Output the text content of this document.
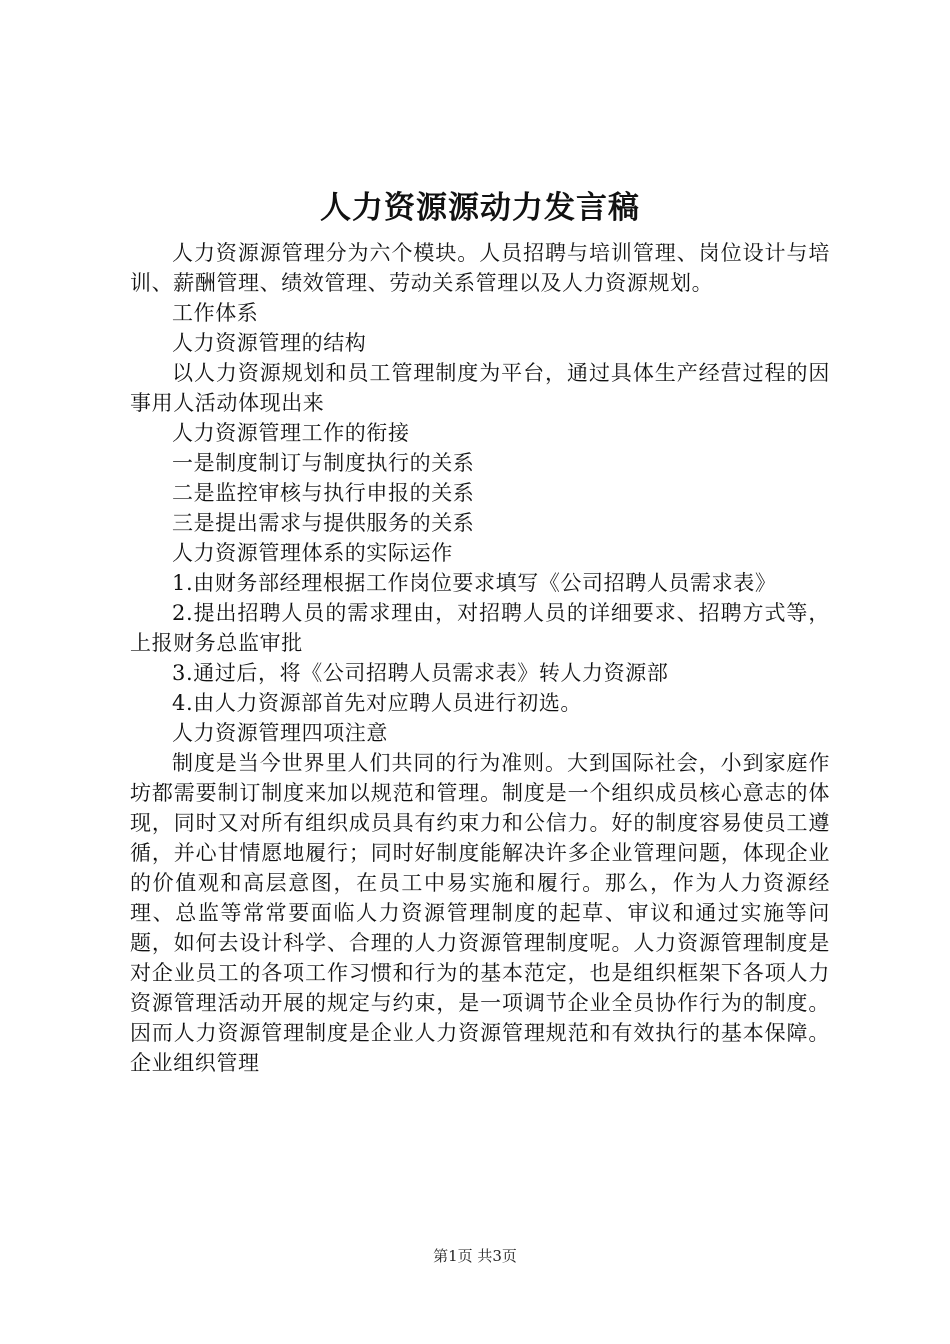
人力资源源动力发言稿

人力资源源管理分为六个模块。人员招聘与培训管理、岗位设计与培训、薪酬管理、绩效管理、劳动关系管理以及人力资源规划。

工作体系

人力资源管理的结构

以人力资源规划和员工管理制度为平台，通过具体生产经营过程的因事用人活动体现出来

人力资源管理工作的衔接

一是制度制订与制度执行的关系

二是监控审核与执行申报的关系

三是提出需求与提供服务的关系

人力资源管理体系的实际运作

1.由财务部经理根据工作岗位要求填写《公司招聘人员需求表》

2.提出招聘人员的需求理由，对招聘人员的详细要求、招聘方式等，上报财务总监审批

3.通过后，将《公司招聘人员需求表》转人力资源部

4.由人力资源部首先对应聘人员进行初选。

人力资源管理四项注意

制度是当今世界里人们共同的行为准则。大到国际社会，小到家庭作坊都需要制订制度来加以规范和管理。制度是一个组织成员核心意志的体现，同时又对所有组织成员具有约束力和公信力。好的制度容易使员工遵循，并心甘情愿地履行；同时好制度能解决许多企业管理问题，体现企业的价值观和高层意图，在员工中易实施和履行。那么，作为人力资源经理、总监等常常要面临人力资源管理制度的起草、审议和通过实施等问题，如何去设计科学、合理的人力资源管理制度呢。人力资源管理制度是对企业员工的各项工作习惯和行为的基本范定，也是组织框架下各项人力资源管理活动开展的规定与约束，是一项调节企业全员协作行为的制度。因而人力资源管理制度是企业人力资源管理规范和有效执行的基本保障。企业组织管理

第1页 共3页
